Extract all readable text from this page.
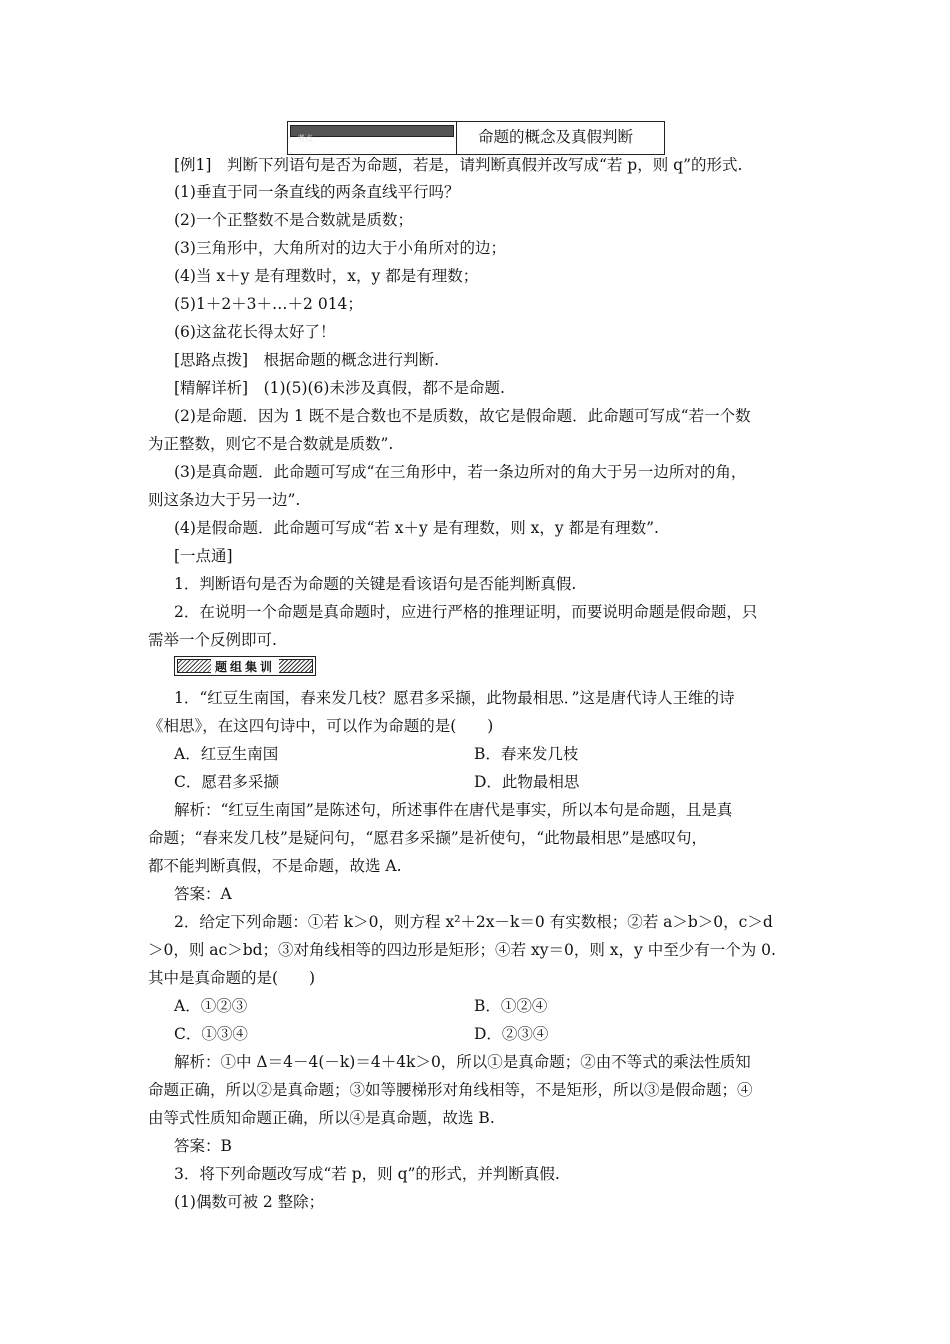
考点一	命题的概念及真假判断
[例1]　判断下列语句是否为命题，若是，请判断真假并改写成“若 p，则 q”的形式.
(1)垂直于同一条直线的两条直线平行吗？
(2)一个正整数不是合数就是质数；
(3)三角形中，大角所对的边大于小角所对的边；
(4)当 x＋y 是有理数时，x，y 都是有理数；
(5)1＋2＋3＋…＋2 014；
(6)这盆花长得太好了！
[思路点拨]　根据命题的概念进行判断.
[精解详析]　(1)(5)(6)未涉及真假，都不是命题.
(2)是命题．因为 1 既不是合数也不是质数，故它是假命题．此命题可写成“若一个数
为正整数，则它不是合数就是质数”.
(3)是真命题．此命题可写成“在三角形中，若一条边所对的角大于另一边所对的角，
则这条边大于另一边”.
(4)是假命题．此命题可写成“若 x＋y 是有理数，则 x，y 都是有理数”.
[一点通]
1．判断语句是否为命题的关键是看该语句是否能判断真假.
2．在说明一个命题是真命题时，应进行严格的推理证明，而要说明命题是假命题，只
需举一个反例即可.
题组集训
1．“红豆生南国，春来发几枝？愿君多采撷，此物最相思．”这是唐代诗人王维的诗
《相思》，在这四句诗中，可以作为命题的是(　　)
A．红豆生南国	B．春来发几枝
C．愿君多采撷	D．此物最相思
解析：“红豆生南国”是陈述句，所述事件在唐代是事实，所以本句是命题，且是真
命题；“春来发几枝”是疑问句，“愿君多采撷”是祈使句，“此物最相思”是感叹句，
都不能判断真假，不是命题，故选 A.
答案：A
2．给定下列命题：①若 k＞0，则方程 x²＋2x－k＝0 有实数根；②若 a＞b＞0，c＞d
＞0，则 ac＞bd；③对角线相等的四边形是矩形；④若 xy＝0，则 x，y 中至少有一个为 0.
其中是真命题的是(　　)
A．①②③	B．①②④
C．①③④	D．②③④
解析：①中 Δ＝4－4(－k)＝4＋4k＞0，所以①是真命题；②由不等式的乘法性质知
命题正确，所以②是真命题；③如等腰梯形对角线相等，不是矩形，所以③是假命题；④
由等式性质知命题正确，所以④是真命题，故选 B.
答案：B
3．将下列命题改写成“若 p，则 q”的形式，并判断真假.
(1)偶数可被 2 整除；
